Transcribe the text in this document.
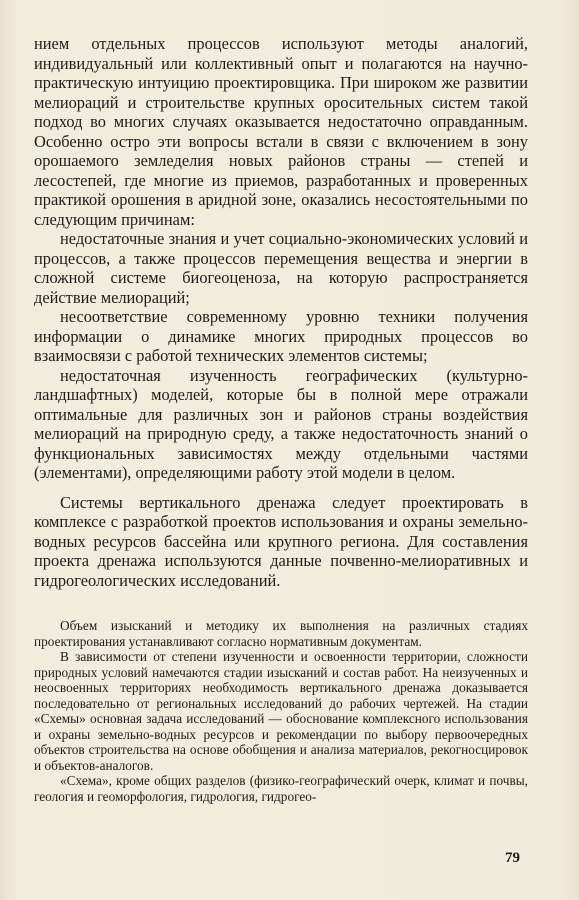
нием отдельных процессов используют методы аналогий, индивидуальный или коллективный опыт и полагаются на научно-практическую интуицию проектировщика. При широком же развитии мелиораций и строительстве крупных оросительных систем такой подход во многих случаях оказывается недостаточно оправданным. Особенно остро эти вопросы встали в связи с включением в зону орошаемого земледелия новых районов страны — степей и лесостепей, где многие из приемов, разработанных и проверенных практикой орошения в аридной зоне, оказались несостоятельными по следующим причинам:

недостаточные знания и учет социально-экономических условий и процессов, а также процессов перемещения вещества и энергии в сложной системе биогеоценоза, на которую распространяется действие мелиораций;

несоответствие современному уровню техники получения информации о динамике многих природных процессов во взаимосвязи с работой технических элементов системы;

недостаточная изученность географических (культурно-ландшафтных) моделей, которые бы в полной мере отражали оптимальные для различных зон и районов страны воздействия мелиораций на природную среду, а также недостаточность знаний о функциональных зависимостях между отдельными частями (элементами), определяющими работу этой модели в целом.

Системы вертикального дренажа следует проектировать в комплексе с разработкой проектов использования и охраны земельно-водных ресурсов бассейна или крупного региона. Для составления проекта дренажа используются данные почвенно-мелиоративных и гидрогеологических исследований.

Объем изысканий и методику их выполнения на различных стадиях проектирования устанавливают согласно нормативным документам.

В зависимости от степени изученности и освоенности территории, сложности природных условий намечаются стадии изысканий и состав работ. На неизученных и неосвоенных территориях необходимость вертикального дренажа доказывается последовательно от региональных исследований до рабочих чертежей. На стадии «Схемы» основная задача исследований — обоснование комплексного использования и охраны земельно-водных ресурсов и рекомендации по выбору первоочередных объектов строительства на основе обобщения и анализа материалов, рекогносцировок и объектов-аналогов.

«Схема», кроме общих разделов (физико-географический очерк, климат и почвы, геология и геоморфология, гидрология, гидрогео-

79
